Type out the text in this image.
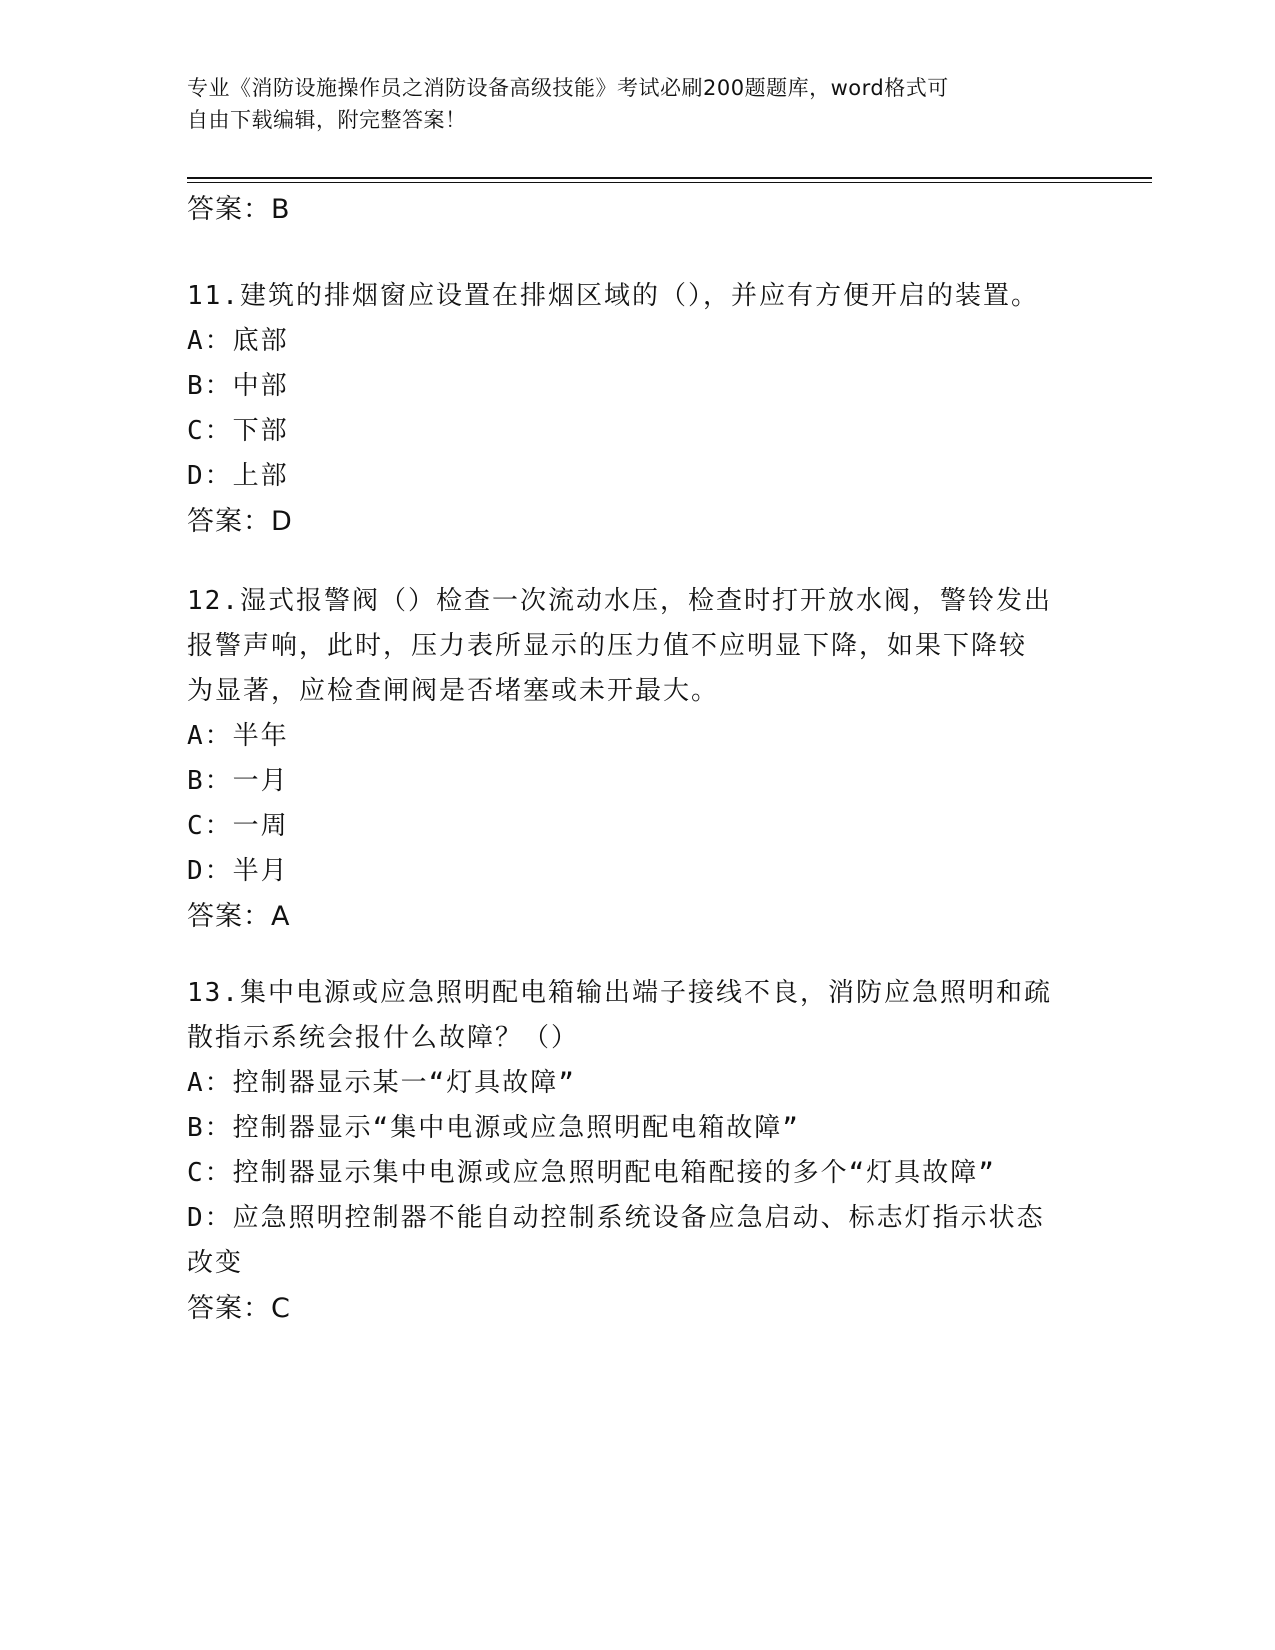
专业《消防设施操作员之消防设备高级技能》考试必刷200题题库，word格式可
自由下载编辑，附完整答案！
答案：B
11.建筑的排烟窗应设置在排烟区域的（），并应有方便开启的装置。
A：底部
B：中部
C：下部
D：上部
答案：D
12.湿式报警阀（）检查一次流动水压，检查时打开放水阀，警铃发出
报警声响，此时，压力表所显示的压力值不应明显下降，如果下降较
为显著，应检查闸阀是否堵塞或未开最大。
A：半年
B：一月
C：一周
D：半月
答案：A
13.集中电源或应急照明配电箱输出端子接线不良，消防应急照明和疏
散指示系统会报什么故障？（）
A：控制器显示某一“灯具故障”
B：控制器显示“集中电源或应急照明配电箱故障”
C：控制器显示集中电源或应急照明配电箱配接的多个“灯具故障”
D：应急照明控制器不能自动控制系统设备应急启动、标志灯指示状态
改变
答案：C
